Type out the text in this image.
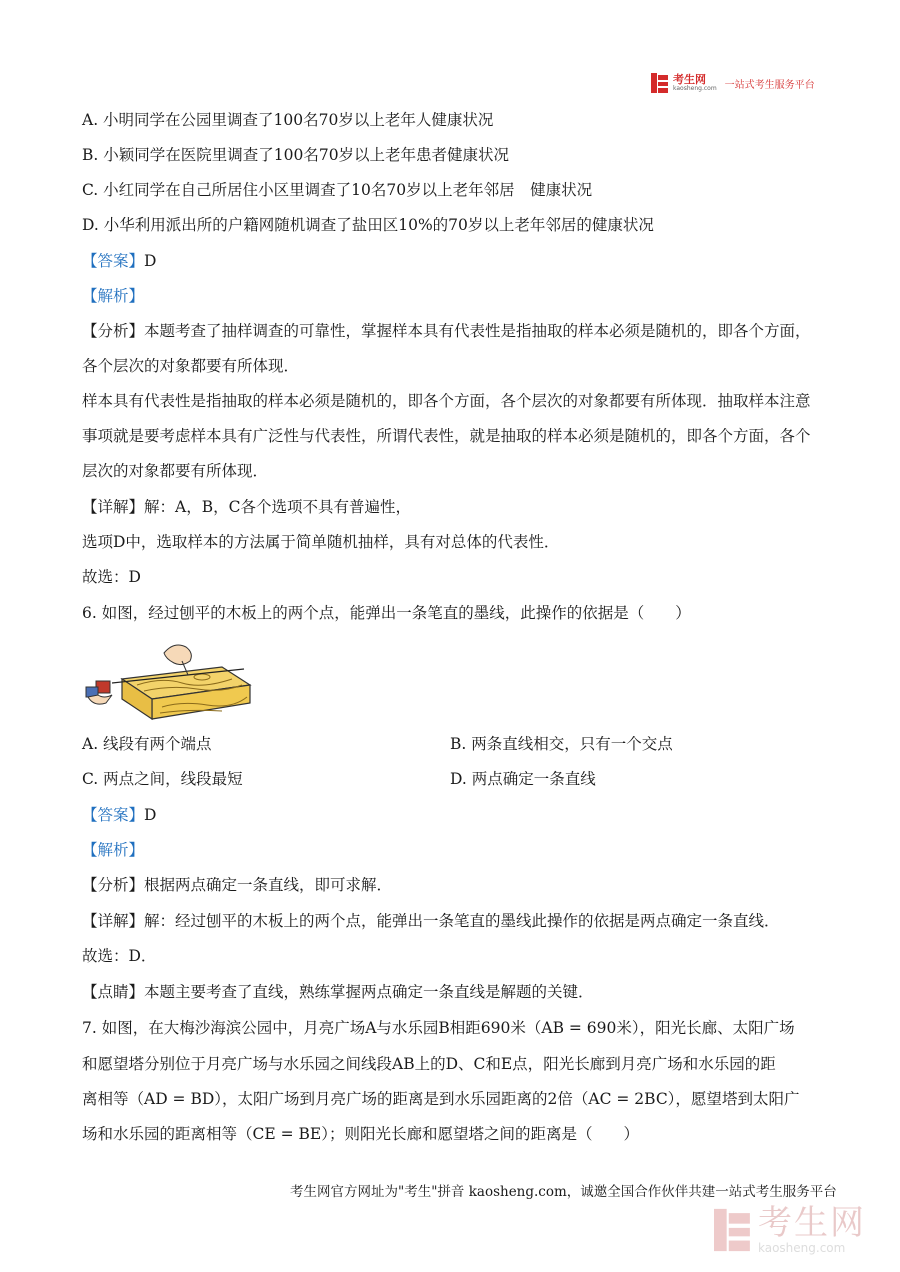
考生网
kaosheng.com 一站式考生服务平台
A. 小明同学在公园里调查了100名70岁以上老年人健康状况
B. 小颖同学在医院里调查了100名70岁以上老年患者健康状况
C. 小红同学在自己所居住小区里调查了10名70岁以上老年邻居　健康状况
D. 小华利用派出所的户籍网随机调查了盐田区10%的70岁以上老年邻居的健康状况
【答案】D
【解析】
【分析】本题考查了抽样调查的可靠性，掌握样本具有代表性是指抽取的样本必须是随机的，即各个方面，
各个层次的对象都要有所体现．
样本具有代表性是指抽取的样本必须是随机的，即各个方面，各个层次的对象都要有所体现．抽取样本注意
事项就是要考虑样本具有广泛性与代表性，所谓代表性，就是抽取的样本必须是随机的，即各个方面，各个
层次的对象都要有所体现．
【详解】解：A，B，C各个选项不具有普遍性，
选项D中，选取样本的方法属于简单随机抽样，具有对总体的代表性．
故选：D
6. 如图，经过刨平的木板上的两个点，能弹出一条笔直的墨线，此操作的依据是（　　）
A. 线段有两个端点	B. 两条直线相交，只有一个交点
C. 两点之间，线段最短	D. 两点确定一条直线
【答案】D
【解析】
【分析】根据两点确定一条直线，即可求解．
【详解】解：经过刨平的木板上的两个点，能弹出一条笔直的墨线此操作的依据是两点确定一条直线．
故选：D．
【点睛】本题主要考查了直线，熟练掌握两点确定一条直线是解题的关键．
7. 如图，在大梅沙海滨公园中，月亮广场A与水乐园B相距690米（AB = 690米），阳光长廊、太阳广场
和愿望塔分别位于月亮广场与水乐园之间线段AB上的D、C和E点，阳光长廊到月亮广场和水乐园的距
离相等（AD = BD），太阳广场到月亮广场的距离是到水乐园距离的2倍（AC = 2BC），愿望塔到太阳广
场和水乐园的距离相等（CE = BE）；则阳光长廊和愿望塔之间的距离是（　　）
考生网官方网址为"考生"拼音 kaosheng.com，诚邀全国合作伙伴共建一站式考生服务平台
考生网
kaosheng.com
